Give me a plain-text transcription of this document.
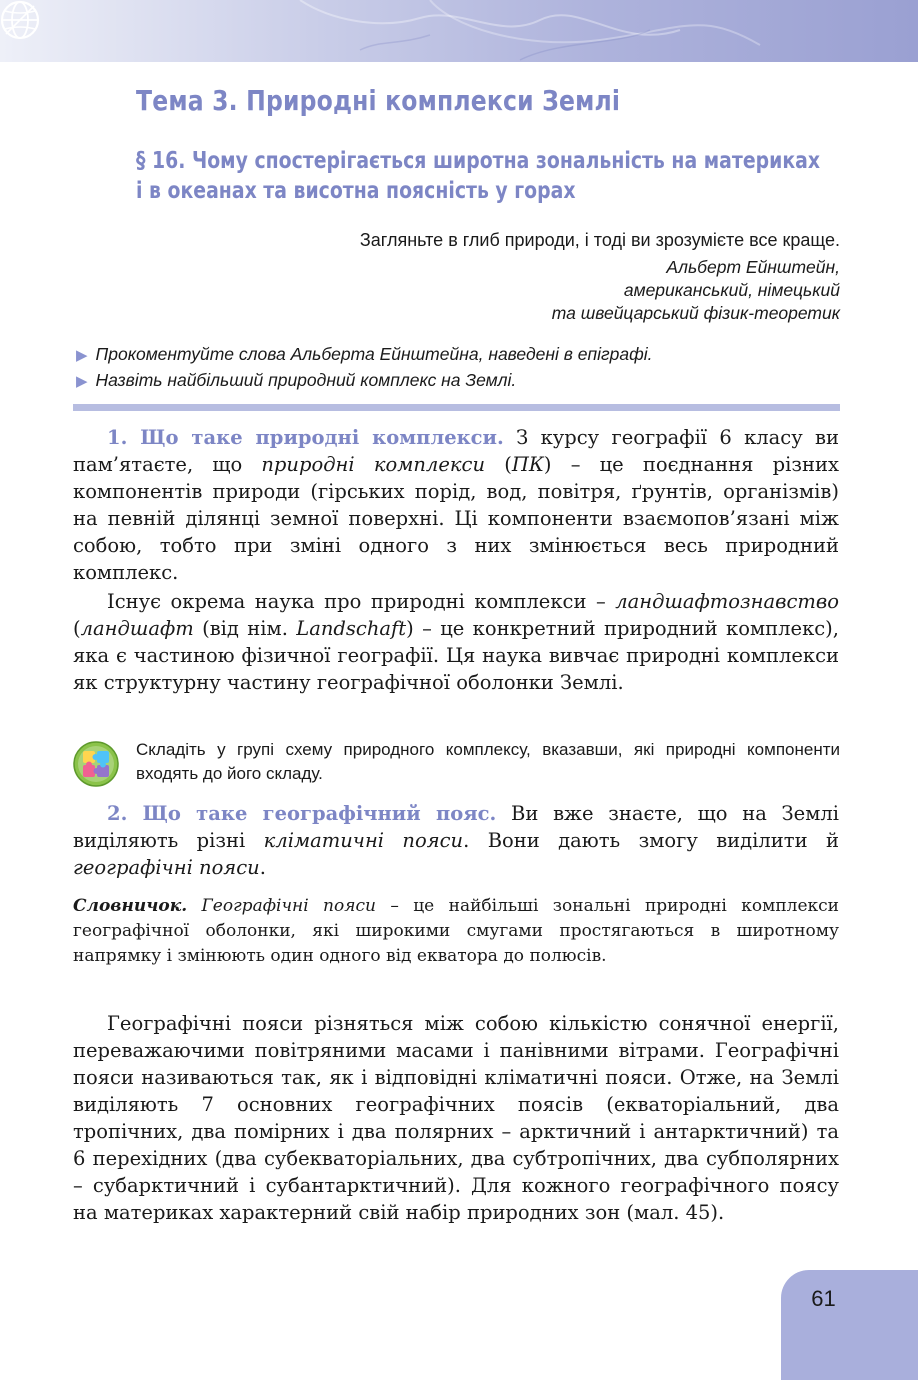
Тема 3. Природні комплекси Землі
§ 16. Чому спостерігається широтна зональність на материках
і в океанах та висотна поясність у горах
Загляньте в глиб природи, і тоді ви зрозумієте все краще.
Альберт Ейнштейн,
американський, німецький
та швейцарський фізик-теоретик
▶ Прокоментуйте слова Альберта Ейнштейна, наведені в епіграфі.
▶ Назвіть найбільший природний комплекс на Землі.

1. Що таке природні комплекси. З курсу географії 6 класу ви пам’ятаєте, що природні комплекси (ПК) – це поєднання різних компонентів природи (гірських порід, вод, повітря, ґрунтів, організмів) на певній ділянці земної поверхні. Ці компоненти взаємопов’язані між собою, тобто при зміні одного з них змінюється весь природний комплекс.

Існує окрема наука про природні комплекси – ландшафтознавство (ландшафт (від нім. Landschaft) – це конкретний природний комплекс), яка є частиною фізичної географії. Ця наука вивчає природні комплекси як структурну частину географічної оболонки Землі.

Складіть у групі схему природного комплексу, вказавши, які природні компоненти входять до його складу.

2. Що таке географічний пояс. Ви вже знаєте, що на Землі виділяють різні кліматичні пояси. Вони дають змогу виділити й географічні пояси.

Словничок. Географічні пояси – це найбільші зональні природні комплекси географічної оболонки, які широкими смугами простягаються в широтному напрямку і змінюють один одного від екватора до полюсів.

Географічні пояси різняться між собою кількістю сонячної енергії, переважаючими повітряними масами і панівними вітрами. Географічні пояси називаються так, як і відповідні кліматичні пояси. Отже, на Землі виділяють 7 основних географічних поясів (екваторіальний, два тропічних, два помірних і два полярних – арктичний і антарктичний) та 6 перехідних (два субекваторіальних, два субтропічних, два субполярних – субарктичний і субантарктичний). Для кожного географічного поясу на материках характерний свій набір природних зон (мал. 45).

61
